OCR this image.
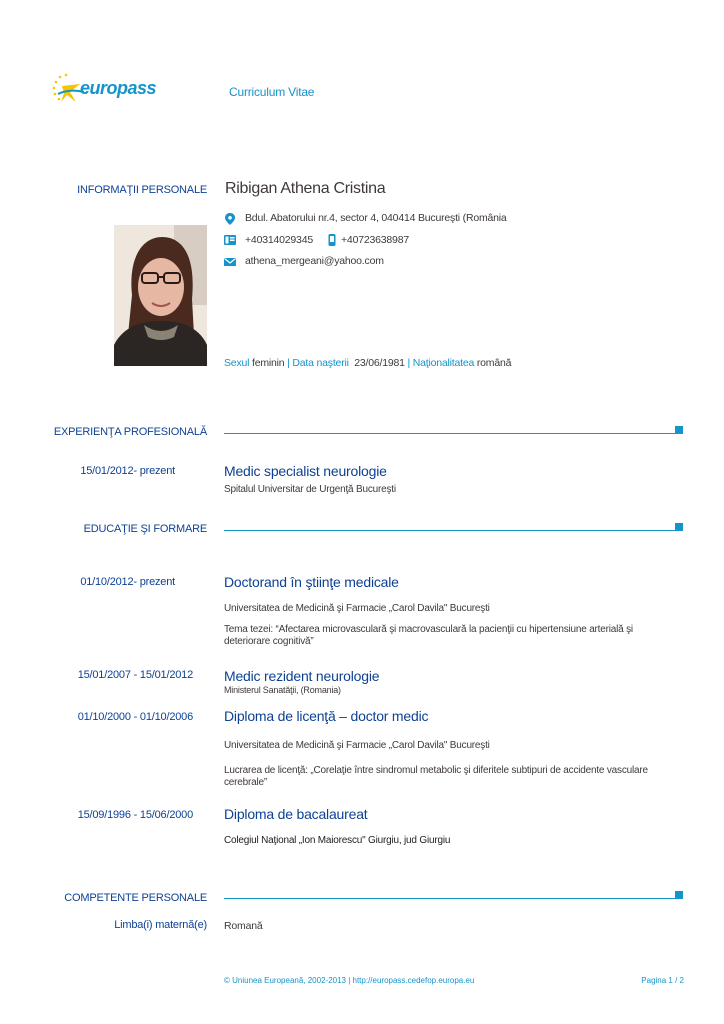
europass	Curriculum Vitae
INFORMAŢII PERSONALE Ribigan Athena Cristina
Bdul. Abatorului nr.4, sector 4, 040414 Bucureşti (România
+40314029345	+40723638987
athena_mergeani@yahoo.com
Sexul feminin | Data naşterii 23/06/1981 | Naţionalitatea română
EXPERIENŢA PROFESIONALĂ
15/01/2012- prezent	Medic specialist neurologie
Spitalul Universitar de Urgenţă Bucureşti
EDUCAŢIE ŞI FORMARE
01/10/2012- prezent	Doctorand în ştiinţe medicale
Universitatea de Medicină şi Farmacie „Carol Davila" Bucureşti
Tema tezei: “Afectarea microvasculară şi macrovasculară la pacienţii cu hipertensiune arterială şi deteriorare cognitivă”
15/01/2007 - 15/01/2012 Medic rezident neurologie
Ministerul Sanatăţii, (Romania)
01/10/2000 - 01/10/2006 Diploma de licenţă – doctor medic
Universitatea de Medicină şi Farmacie „Carol Davila" Bucureşti
Lucrarea de licenţă: „Corelaţie între sindromul metabolic şi diferitele subtipuri de accidente vasculare cerebrale”
15/09/1996 - 15/06/2000 Diploma de bacalaureat
Colegiul Naţional „Ion Maiorescu" Giurgiu, jud Giurgiu
COMPETENTE PERSONALE
Limba(i) maternă(e) Romană
© Uniunea Europeană, 2002-2013 | http://europass.cedefop.europa.eu	Pagina 1 / 2
